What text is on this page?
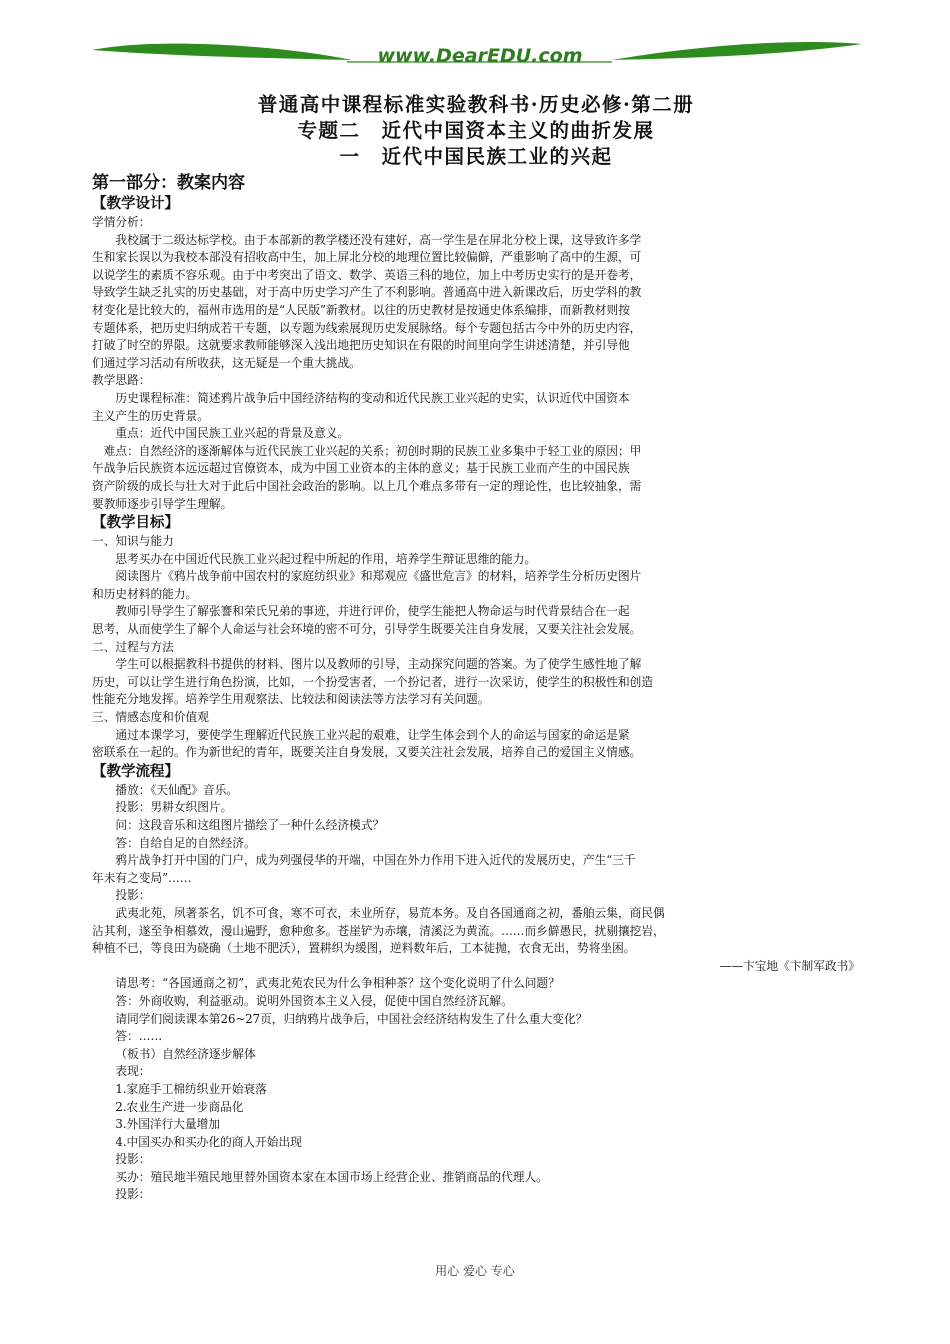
www.DearEDU.com
普通高中课程标准实验教科书·历史必修·第二册
专题二　近代中国资本主义的曲折发展
一　近代中国民族工业的兴起
第一部分：教案内容
【教学设计】
学情分析：
我校属于二级达标学校。由于本部新的教学楼还没有建好，高一学生是在屏北分校上课，这导致许多学
生和家长误以为我校本部没有招收高中生，加上屏北分校的地理位置比较偏僻，严重影响了高中的生源，可
以说学生的素质不容乐观。由于中考突出了语文、数学、英语三科的地位，加上中考历史实行的是开卷考，
导致学生缺乏扎实的历史基础，对于高中历史学习产生了不利影响。普通高中进入新课改后，历史学科的教
材变化是比较大的，福州市选用的是“人民版”新教材。以往的历史教材是按通史体系编排，而新教材则按
专题体系，把历史归纳成若干专题，以专题为线索展现历史发展脉络。每个专题包括古今中外的历史内容，
打破了时空的界限。这就要求教师能够深入浅出地把历史知识在有限的时间里向学生讲述清楚，并引导他
们通过学习活动有所收获，这无疑是一个重大挑战。
教学思路：
历史课程标准：简述鸦片战争后中国经济结构的变动和近代民族工业兴起的史实，认识近代中国资本
主义产生的历史背景。
重点：近代中国民族工业兴起的背景及意义。
难点：自然经济的逐渐解体与近代民族工业兴起的关系；初创时期的民族工业多集中于轻工业的原因；甲
午战争后民族资本远远超过官僚资本，成为中国工业资本的主体的意义；基于民族工业而产生的中国民族
资产阶级的成长与壮大对于此后中国社会政治的影响。以上几个难点多带有一定的理论性，也比较抽象，需
要教师逐步引导学生理解。
【教学目标】
一、知识与能力
思考买办在中国近代民族工业兴起过程中所起的作用，培养学生辩证思维的能力。
阅读图片《鸦片战争前中国农村的家庭纺织业》和郑观应《盛世危言》的材料，培养学生分析历史图片
和历史材料的能力。
教师引导学生了解张謇和荣氏兄弟的事迹，并进行评价，使学生能把人物命运与时代背景结合在一起
思考，从而使学生了解个人命运与社会环境的密不可分，引导学生既要关注自身发展，又要关注社会发展。
二、过程与方法
学生可以根据教科书提供的材料、图片以及教师的引导，主动探究问题的答案。为了使学生感性地了解
历史，可以让学生进行角色扮演，比如，一个扮受害者，一个扮记者，进行一次采访，使学生的积极性和创造
性能充分地发挥。培养学生用观察法、比较法和阅读法等方法学习有关问题。
三、情感态度和价值观
通过本课学习，要使学生理解近代民族工业兴起的艰难，让学生体会到个人的命运与国家的命运是紧
密联系在一起的。作为新世纪的青年，既要关注自身发展，又要关注社会发展，培养自己的爱国主义情感。
【教学流程】
播放：《天仙配》音乐。
投影：男耕女织图片。
问：这段音乐和这组图片描绘了一种什么经济模式？
答：自给自足的自然经济。
鸦片战争打开中国的门户，成为列强侵华的开端，中国在外力作用下进入近代的发展历史，产生“三千
年未有之变局”……
投影：
武夷北苑，夙著茶名，饥不可食，寒不可衣，未业所存，易荒本务。及自各国通商之初，番舶云集，商民偶
沾其利，遂至争相慕效，漫山遍野，愈种愈多。苍崖铲为赤壤，清溪泛为黄流。……而乡僻愚民，扰剔攘挖岩，
种植不已，等良田为硗确（土地不肥沃），置耕织为缓图，逆料数年后，工本徒抛，衣食无出，势将坐困。
——卞宝地《卞制军政书》
请思考：“各国通商之初”，武夷北苑农民为什么争相种茶？这个变化说明了什么问题？
答：外商收购，利益驱动。说明外国资本主义入侵，促使中国自然经济瓦解。
请同学们阅读课本第26~27页，归纳鸦片战争后，中国社会经济结构发生了什么重大变化？
答：……
（板书）自然经济逐步解体
表现：
1.家庭手工棉纺织业开始衰落
2.农业生产进一步商品化
3.外国洋行大量增加
4.中国买办和买办化的商人开始出现
投影：
买办：殖民地半殖民地里替外国资本家在本国市场上经营企业、推销商品的代理人。
投影：
用心 爱心 专心
